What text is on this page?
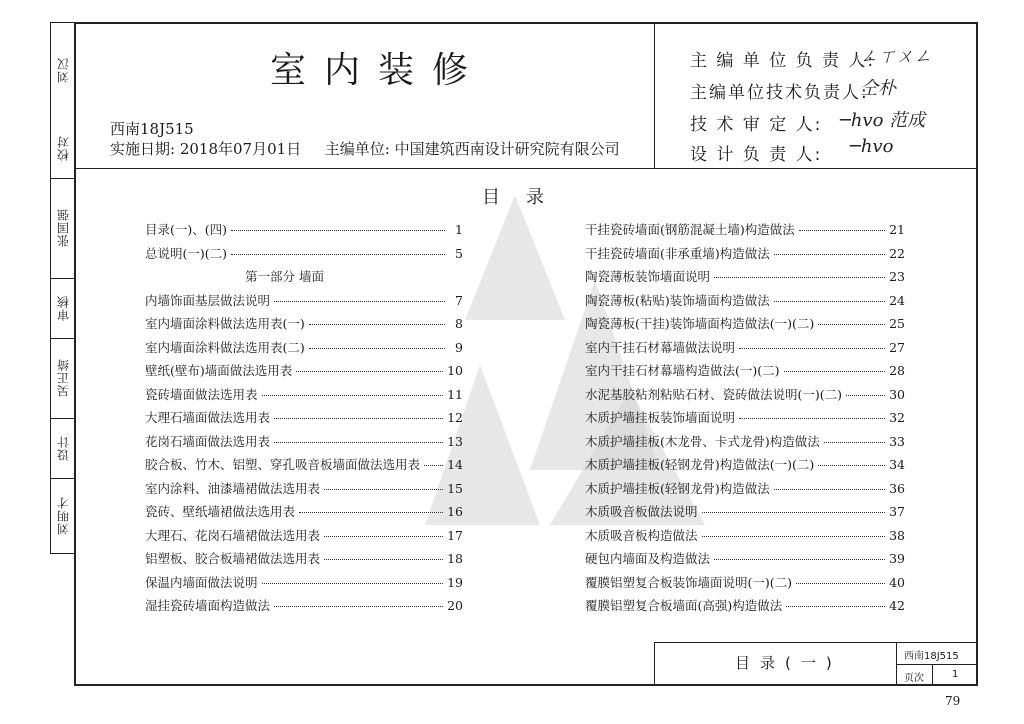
刘汉
校对
张国强
审核
吴正绮
设计
刘明才
室内装修
西南18J515
实施日期: 2018年07月01日 主编单位: 中国建筑西南设计研究院有限公司
主 编 单 位 负 责 人:
ㄥㄒㄨㄥ
主编单位技术负责人:
仝朴
技 术 审 定 人: ─hvo 范成
设 计 负 责 人: ─hvo
目录
目录(一)、(四)	1
总说明(一)(二)	5
第一部分 墙面
内墙饰面基层做法说明	7
室内墙面涂料做法选用表(一)	8
室内墙面涂料做法选用表(二)	9
壁纸(壁布)墙面做法选用表	10
瓷砖墙面做法选用表	11
大理石墙面做法选用表	12
花岗石墙面做法选用表	13
胶合板、竹木、铝塑、穿孔吸音板墙面做法选用表 14
室内涂料、油漆墙裙做法选用表	15
瓷砖、壁纸墙裙做法选用表	16
大理石、花岗石墙裙做法选用表	17
铝塑板、胶合板墙裙做法选用表	18
保温内墙面做法说明	19
湿挂瓷砖墙面构造做法	20
干挂瓷砖墙面(钢筋混凝土墙)构造做法	21
干挂瓷砖墙面(非承重墙)构造做法	22
陶瓷薄板装饰墙面说明	23
陶瓷薄板(粘贴)装饰墙面构造做法	24
陶瓷薄板(干挂)装饰墙面构造做法(一)(二)	25
室内干挂石材幕墙做法说明	27
室内干挂石材幕墙构造做法(一)(二)	28
水泥基胶粘剂粘贴石材、瓷砖做法说明(一)(二)	30
木质护墙挂板装饰墙面说明	32
木质护墙挂板(木龙骨、卡式龙骨)构造做法	33
木质护墙挂板(轻钢龙骨)构造做法(一)(二)	34
木质护墙挂板(轻钢龙骨)构造做法	36
木质吸音板做法说明	37
木质吸音板构造做法	38
硬包内墙面及构造做法	39
覆膜铝塑复合板装饰墙面说明(一)(二)	40
覆膜铝塑复合板墙面(高强)构造做法	42
目录(一)	西南18J515
页次	1
79
